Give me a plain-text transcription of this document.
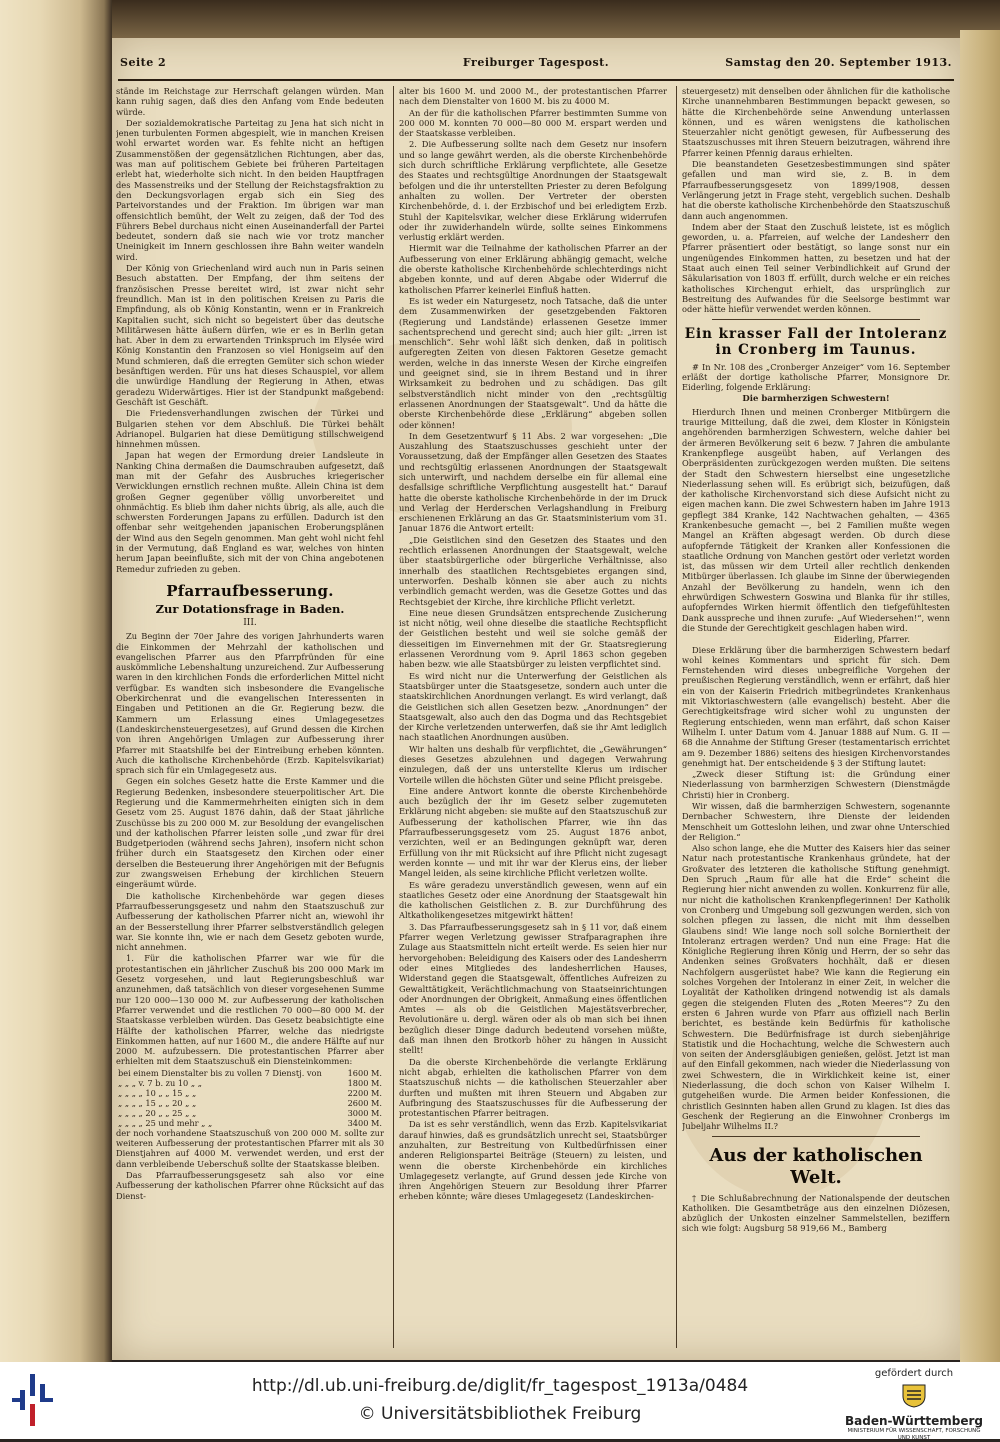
Seite 2	Freiburger Tagespost.	Samstag den 20. September 1913.

stände im Reichstage zur Herrschaft gelangen würden. Man kann ruhig sagen, daß dies den Anfang vom Ende bedeuten würde.

Der sozialdemokratische Parteitag zu Jena hat sich nicht in jenen turbulenten Formen abgespielt, wie in manchen Kreisen wohl erwartet worden war. Es fehlte nicht an heftigen Zusammenstößen der gegensätzlichen Richtungen, aber das, was man auf politischem Gebiete bei früheren Parteitagen erlebt hat, wiederholte sich nicht. In den beiden Hauptfragen des Massenstreiks und der Stellung der Reichstagsfraktion zu den Deckungsvorlagen ergab sich ein Sieg des Parteivorstandes und der Fraktion. Im übrigen war man offensichtlich bemüht, der Welt zu zeigen, daß der Tod des Führers Bebel durchaus nicht einen Auseinanderfall der Partei bedeutet, sondern daß sie nach wie vor trotz mancher Uneinigkeit im Innern geschlossen ihre Bahn weiter wandeln wird.

Der König von Griechenland wird auch nun in Paris seinen Besuch abstatten. Der Empfang, der ihm seitens der französischen Presse bereitet wird, ist zwar nicht sehr freundlich. Man ist in den politischen Kreisen zu Paris die Empfindung, als ob König Konstantin, wenn er in Frankreich Kapitalien sucht, sich nicht so begeistert über das deutsche Militärwesen hätte äußern dürfen, wie er es in Berlin getan hat. Aber in dem zu erwartenden Trinkspruch im Elysée wird König Konstantin den Franzosen so viel Honigseim auf den Mund schmieren, daß die erregten Gemüter sich schon wieder besänftigen werden. Für uns hat dieses Schauspiel, vor allem die unwürdige Handlung der Regierung in Athen, etwas geradezu Widerwärtiges. Hier ist der Standpunkt maßgebend: Geschäft ist Geschäft.

Die Friedensverhandlungen zwischen der Türkei und Bulgarien stehen vor dem Abschluß. Die Türkei behält Adrianopel. Bulgarien hat diese Demütigung stillschweigend hinnehmen müssen.

Japan hat wegen der Ermordung dreier Landsleute in Nanking China dermaßen die Daumschrauben aufgesetzt, daß man mit der Gefahr des Ausbruches kriegerischer Verwicklungen ernstlich rechnen mußte. Allein China ist dem großen Gegner gegenüber völlig unvorbereitet und ohnmächtig. Es blieb ihm daher nichts übrig, als alle, auch die schwersten Forderungen Japans zu erfüllen. Dadurch ist den offenbar sehr weitgehenden japanischen Eroberungsplänen der Wind aus den Segeln genommen. Man geht wohl nicht fehl in der Vermutung, daß England es war, welches von hinten herum Japan beeinflußte, sich mit der von China angebotenen Remedur zufrieden zu geben.

Pfarraufbesserung.
Zur Dotationsfrage in Baden.
III.

Zu Beginn der 70er Jahre des vorigen Jahrhunderts waren die Einkommen der Mehrzahl der katholischen und evangelischen Pfarrer aus den Pfarrpfründen für eine auskömmliche Lebenshaltung unzureichend. Zur Aufbesserung waren in den kirchlichen Fonds die erforderlichen Mittel nicht verfügbar. Es wandten sich insbesondere die Evangelische Oberkirchenrat und die evangelischen Interessenten in Eingaben und Petitionen an die Gr. Regierung bezw. die Kammern um Erlassung eines Umlagegesetzes (Landeskirchensteuergesetzes), auf Grund dessen die Kirchen von ihren Angehörigen Umlagen zur Aufbesserung ihrer Pfarrer mit Staatshilfe bei der Eintreibung erheben könnten. Auch die katholische Kirchenbehörde (Erzb. Kapitelsvikariat) sprach sich für ein Umlagegesetz aus.

Gegen ein solches Gesetz hatte die Erste Kammer und die Regierung Bedenken, insbesondere steuerpolitischer Art. Die Regierung und die Kammermehrheiten einigten sich in dem Gesetz vom 25. August 1876 dahin, daß der Staat jährliche Zuschüsse bis zu 200 000 M. zur Besoldung der evangelischen und der katholischen Pfarrer leisten solle „und zwar für drei Budgetperioden (während sechs Jahren), insofern nicht schon früher durch ein Staatsgesetz den Kirchen oder einer derselben die Besteuerung ihrer Angehörigen mit der Befugnis zur zwangsweisen Erhebung der kirchlichen Steuern eingeräumt würde.

Die katholische Kirchenbehörde war gegen dieses Pfarraufbesserungsgesetz und nahm den Staatszuschuß zur Aufbesserung der katholischen Pfarrer nicht an, wiewohl ihr an der Besserstellung ihrer Pfarrer selbstverständlich gelegen war. Sie konnte ihn, wie er nach dem Gesetz geboten wurde, nicht annehmen.

1. Für die katholischen Pfarrer war wie für die protestantischen ein jährlicher Zuschuß bis 200 000 Mark im Gesetz vorgesehen, und laut Regierungsbeschluß war anzunehmen, daß tatsächlich von dieser vorgesehenen Summe nur 120 000—130 000 M. zur Aufbesserung der katholischen Pfarrer verwendet und die restlichen 70 000—80 000 M. der Staatskasse verbleiben würden. Das Gesetz beabsichtigte eine Hälfte der katholischen Pfarrer, welche das niedrigste Einkommen hatten, auf nur 1600 M., die andere Hälfte auf nur 2000 M. aufzubessern. Die protestantischen Pfarrer aber erhielten mit dem Staatszuschuß ein Diensteinkommen:

bei einem Dienstalter bis zu vollen 7 Dienstj. von	1600 M.
„ „ „ v. 7 b. zu 10 „ „	1800 M.
„ „ „ „ 10 „ „ 15 „ „	2200 M.
„ „ „ „ 15 „ „ 20 „ „	2600 M.
„ „ „ „ 20 „ „ 25 „ „	3000 M.
„ „ „ „ 25 und mehr „ „	3400 M.

der noch vorhandene Staatszuschuß von 200 000 M. sollte zur weiteren Aufbesserung der protestantischen Pfarrer mit als 30 Dienstjahren auf 4000 M. verwendet werden, und erst der dann verbleibende Ueberschuß sollte der Staatskasse bleiben.

Das Pfarraufbesserungsgesetz sah also vor eine Aufbesserung der katholischen Pfarrer ohne Rücksicht auf das Dienst-

alter bis 1600 M. und 2000 M., der protestantischen Pfarrer nach dem Dienstalter von 1600 M. bis zu 4000 M.

An der für die katholischen Pfarrer bestimmten Summe von 200 000 M. konnten 70 000—80 000 M. erspart werden und der Staatskasse verbleiben.

2. Die Aufbesserung sollte nach dem Gesetz nur insofern und so lange gewährt werden, als die oberste Kirchenbehörde sich durch schriftliche Erklärung verpflichtete, alle Gesetze des Staates und rechtsgültige Anordnungen der Staatsgewalt befolgen und die ihr unterstellten Priester zu deren Befolgung anhalten zu wollen. Der Vertreter der obersten Kirchenbehörde, d. i. der Erzbischof und bei erledigtem Erzb. Stuhl der Kapitelsvikar, welcher diese Erklärung widerrufen oder ihr zuwiderhandeln würde, sollte seines Einkommens verlustig erklärt werden.

Hiermit war die Teilnahme der katholischen Pfarrer an der Aufbesserung von einer Erklärung abhängig gemacht, welche die oberste katholische Kirchenbehörde schlechterdings nicht abgeben konnte, und auf deren Abgabe oder Widerruf die katholischen Pfarrer keinerlei Einfluß hatten.

Es ist weder ein Naturgesetz, noch Tatsache, daß die unter dem Zusammenwirken der gesetzgebenden Faktoren (Regierung und Landstände) erlassenen Gesetze immer sachentsprechend und gerecht sind; auch hier gilt: „irren ist menschlich“. Sehr wohl läßt sich denken, daß in politisch aufgeregten Zeiten von diesen Faktoren Gesetze gemacht werden, welche in das innerste Wesen der Kirche eingreifen und geeignet sind, sie in ihrem Bestand und in ihrer Wirksamkeit zu bedrohen und zu schädigen. Das gilt selbstverständlich nicht minder von den „rechtsgültig erlassenen Anordnungen der Staatsgewalt“. Und da hätte die oberste Kirchenbehörde diese „Erklärung“ abgeben sollen oder können!

In dem Gesetzentwurf § 11 Abs. 2 war vorgesehen: „Die Auszahlung des Staatszuschusses geschieht unter der Voraussetzung, daß der Empfänger allen Gesetzen des Staates und rechtsgültig erlassenen Anordnungen der Staatsgewalt sich unterwirft, und nachdem derselbe ein für allemal eine desfallsige schriftliche Verpflichtung ausgestellt hat.“ Darauf hatte die oberste katholische Kirchenbehörde in der im Druck und Verlag der Herderschen Verlagshandlung in Freiburg erschienenen Erklärung an das Gr. Staatsministerium vom 31. Januar 1876 die Antwort erteilt:

„Die Geistlichen sind den Gesetzen des Staates und den rechtlich erlassenen Anordnungen der Staatsgewalt, welche über staatsbürgerliche oder bürgerliche Verhältnisse, also innerhalb des staatlichen Rechtsgebietes ergangen sind, unterworfen. Deshalb können sie aber auch zu nichts verbindlich gemacht werden, was die Gesetze Gottes und das Rechtsgebiet der Kirche, ihre kirchliche Pflicht verletzt.

Eine neue diesen Grundsätzen entsprechende Zusicherung ist nicht nötig, weil ohne dieselbe die staatliche Rechtspflicht der Geistlichen besteht und weil sie solche gemäß der diesseitigen im Einvernehmen mit der Gr. Staatsregierung erlassenen Verordnung vom 9. April 1863 schon gegeben haben bezw. wie alle Staatsbürger zu leisten verpflichtet sind.

Es wird nicht nur die Unterwerfung der Geistlichen als Staatsbürger unter die Staatsgesetze, sondern auch unter die staatskirchlichen Anordnungen verlangt. Es wird verlangt, daß die Geistlichen sich allen Gesetzen bezw. „Anordnungen“ der Staatsgewalt, also auch den das Dogma und das Rechtsgebiet der Kirche verletzenden unterwerfen, daß sie ihr Amt lediglich nach staatlichen Anordnungen ausüben.

Wir halten uns deshalb für verpflichtet, die „Gewährungen“ dieses Gesetzes abzulehnen und dagegen Verwahrung einzulegen, daß der uns unterstellte Klerus um irdischer Vorteile willen die höchsten Güter und seine Pflicht preisgebe.

Eine andere Antwort konnte die oberste Kirchenbehörde auch bezüglich der ihr im Gesetz selber zugemuteten Erklärung nicht abgeben: sie mußte auf den Staatszuschuß zur Aufbesserung der katholischen Pfarrer, wie ihn das Pfarraufbesserungsgesetz vom 25. August 1876 anbot, verzichten, weil er an Bedingungen geknüpft war, deren Erfüllung von ihr mit Rücksicht auf ihre Pflicht nicht zugesagt werden konnte — und mit ihr war der Klerus eins, der lieber Mangel leiden, als seine kirchliche Pflicht verletzen wollte.

Es wäre geradezu unverständlich gewesen, wenn auf ein staatliches Gesetz oder eine Anordnung der Staatsgewalt hin die katholischen Geistlichen z. B. zur Durchführung des Altkatholikengesetzes mitgewirkt hätten!

3. Das Pfarraufbesserungsgesetz sah in § 11 vor, daß einem Pfarrer wegen Verletzung gewisser Strafparagraphen ihre Zulage aus Staatsmitteln nicht erteilt werde. Es seien hier nur hervorgehoben: Beleidigung des Kaisers oder des Landesherrn oder eines Mitgliedes des landesherrlichen Hauses, Widerstand gegen die Staatsgewalt, öffentliches Aufreizen zu Gewalttätigkeit, Verächtlichmachung von Staatseinrichtungen oder Anordnungen der Obrigkeit, Anmaßung eines öffentlichen Amtes — als ob die Geistlichen Majestätsverbrecher, Revolutionäre u. dergl. wären oder als ob man sich bei ihnen bezüglich dieser Dinge dadurch bedeutend vorsehen müßte, daß man ihnen den Brotkorb höher zu hängen in Aussicht stellt!

Da die oberste Kirchenbehörde die verlangte Erklärung nicht abgab, erhielten die katholischen Pfarrer von dem Staatszuschuß nichts — die katholischen Steuerzahler aber durften und mußten mit ihren Steuern und Abgaben zur Aufbringung des Staatszuschusses für die Aufbesserung der protestantischen Pfarrer beitragen.

Da ist es sehr verständlich, wenn das Erzb. Kapitelsvikariat darauf hinwies, daß es grundsätzlich unrecht sei, Staatsbürger anzuhalten, zur Bestreitung von Kultbedürfnissen einer anderen Religionspartei Beiträge (Steuern) zu leisten, und wenn die oberste Kirchenbehörde ein kirchliches Umlagegesetz verlangte, auf Grund dessen jede Kirche von ihren Angehörigen Steuern zur Besoldung ihrer Pfarrer erheben könnte; wäre dieses Umlagegesetz (Landeskirchen-

steuergesetz) mit denselben oder ähnlichen für die katholische Kirche unannehmbaren Bestimmungen bepackt gewesen, so hätte die Kirchenbehörde seine Anwendung unterlassen können, und es wären wenigstens die katholischen Steuerzahler nicht genötigt gewesen, für Aufbesserung des Staatszuschusses mit ihren Steuern beizutragen, während ihre Pfarrer keinen Pfennig daraus erhielten.

Die beanstandeten Gesetzesbestimmungen sind später gefallen und man wird sie, z. B. in dem Pfarraufbesserungsgesetz von 1899/1908, dessen Verlängerung jetzt in Frage steht, vergeblich suchen. Deshalb hat die oberste katholische Kirchenbehörde den Staatszuschuß dann auch angenommen.

Indem aber der Staat den Zuschuß leistete, ist es möglich geworden, u. a. Pfarreien, auf welche der Landesherr den Pfarrer präsentiert oder bestätigt, so lange sonst nur ein ungenügendes Einkommen hatten, zu besetzen und hat der Staat auch einen Teil seiner Verbindlichkeit auf Grund der Säkularisation von 1803 ff. erfüllt, durch welche er ein reiches katholisches Kirchengut erhielt, das ursprünglich zur Bestreitung des Aufwandes für die Seelsorge bestimmt war oder hätte hiefür verwendet werden können.

Ein krasser Fall der Intoleranz in Cronberg im Taunus.

# In Nr. 108 des „Cronberger Anzeiger“ vom 16. September erläßt der dortige katholische Pfarrer, Monsignore Dr. Eiderling, folgende Erklärung:

Die barmherzigen Schwestern!

Hierdurch Ihnen und meinen Cronberger Mitbürgern die traurige Mitteilung, daß die zwei, dem Kloster in Königstein angehörenden barmherzigen Schwestern, welche dahier bei der ärmeren Bevölkerung seit 6 bezw. 7 Jahren die ambulante Krankenpflege ausgeübt haben, auf Verlangen des Oberpräsidenten zurückgezogen werden mußten. Die seitens der Stadt den Schwestern hierselbst eine ungesetzliche Niederlassung sehen will. Es erübrigt sich, beizufügen, daß der katholische Kirchenvorstand sich diese Aufsicht nicht zu eigen machen kann. Die zwei Schwestern haben im Jahre 1913 gepflegt 384 Kranke, 142 Nachtwachen gehalten, — 4365 Krankenbesuche gemacht —, bei 2 Familien mußte wegen Mangel an Kräften abgesagt werden. Ob durch diese aufopfernde Tätigkeit der Kranken aller Konfessionen die staatliche Ordnung von Manchen gestört oder verletzt worden ist, das müssen wir dem Urteil aller rechtlich denkenden Mitbürger überlassen. Ich glaube im Sinne der überwiegenden Anzahl der Bevölkerung zu handeln, wenn ich den ehrwürdigen Schwestern Goswina und Blanka für ihr stilles, aufopferndes Wirken hiermit öffentlich den tiefgefühltesten Dank ausspreche und ihnen zurufe: „Auf Wiedersehen!“, wenn die Stunde der Gerechtigkeit geschlagen haben wird.

Eiderling, Pfarrer.

Diese Erklärung über die barmherzigen Schwestern bedarf wohl keines Kommentars und spricht für sich. Dem Fernstehenden wird dieses unbegreifliche Vorgehen der preußischen Regierung verständlich, wenn er erfährt, daß hier ein von der Kaiserin Friedrich mitbegründetes Krankenhaus mit Viktoriaschwestern (alle evangelisch) besteht. Aber die Gerechtigkeitsfrage wird sicher wohl zu ungunsten der Regierung entschieden, wenn man erfährt, daß schon Kaiser Wilhelm I. unter Datum vom 4. Januar 1888 auf Num. G. II — 68 die Annahme der Stiftung Greser (testamentarisch errichtet am 9. Dezember 1886) seitens des hiesigen Kirchenvorstandes genehmigt hat. Der entscheidende § 3 der Stiftung lautet:

„Zweck dieser Stiftung ist: die Gründung einer Niederlassung von barmherzigen Schwestern (Dienstmägde Christi) hier in Cronberg.

Wir wissen, daß die barmherzigen Schwestern, sogenannte Dernbacher Schwestern, ihre Dienste der leidenden Menschheit um Gotteslohn leihen, und zwar ohne Unterschied der Religion.“

Also schon lange, ehe die Mutter des Kaisers hier das seiner Natur nach protestantische Krankenhaus gründete, hat der Großvater des letzteren die katholische Stiftung genehmigt. Den Spruch „Raum für alle hat die Erde“ scheint die Regierung hier nicht anwenden zu wollen. Konkurrenz für alle, nur nicht die katholischen Krankenpflegerinnen! Der Katholik von Cronberg und Umgebung soll gezwungen werden, sich von solchen pflegen zu lassen, die nicht mit ihm desselben Glaubens sind! Wie lange noch soll solche Borniertheit der Intoleranz ertragen werden? Und nun eine Frage: Hat die Königliche Regierung ihren König und Herrn, der so sehr das Andenken seines Großvaters hochhält, daß er diesen Nachfolgern ausgerüstet habe? Wie kann die Regierung ein solches Vorgehen der Intoleranz in einer Zeit, in welcher die Loyalität der Katholiken dringend notwendig ist als damals gegen die steigenden Fluten des „Roten Meeres“? Zu den ersten 6 Jahren wurde von Pfarr aus offiziell nach Berlin berichtet, es bestände kein Bedürfnis für katholische Schwestern. Die Bedürfnisfrage ist durch siebenjährige Statistik und die Hochachtung, welche die Schwestern auch von seiten der Andersgläubigen genießen, gelöst. Jetzt ist man auf den Einfall gekommen, nach wieder die Niederlassung von zwei Schwestern, die in Wirklichkeit keine ist, einer Niederlassung, die doch schon von Kaiser Wilhelm I. gutgeheißen wurde. Die Armen beider Konfessionen, die christlich Gesinnten haben allen Grund zu klagen. Ist dies das Geschenk der Regierung an die Einwohner Cronbergs im Jubeljahr Wilhelms II.?

Aus der katholischen Welt.

† Die Schlußabrechnung der Nationalspende der deutschen Katholiken. Die Gesamtbeträge aus den einzelnen Diözesen, abzüglich der Unkosten einzelner Sammelstellen, beziffern sich wie folgt: Augsburg 58 919,66 M., Bamberg

http://dl.ub.uni-freiburg.de/diglit/fr_tagespost_1913a/0484
© Universitätsbibliothek Freiburg
gefördert durch
Baden-Württemberg
MINISTERIUM FÜR WISSENSCHAFT, FORSCHUNG UND KUNST
